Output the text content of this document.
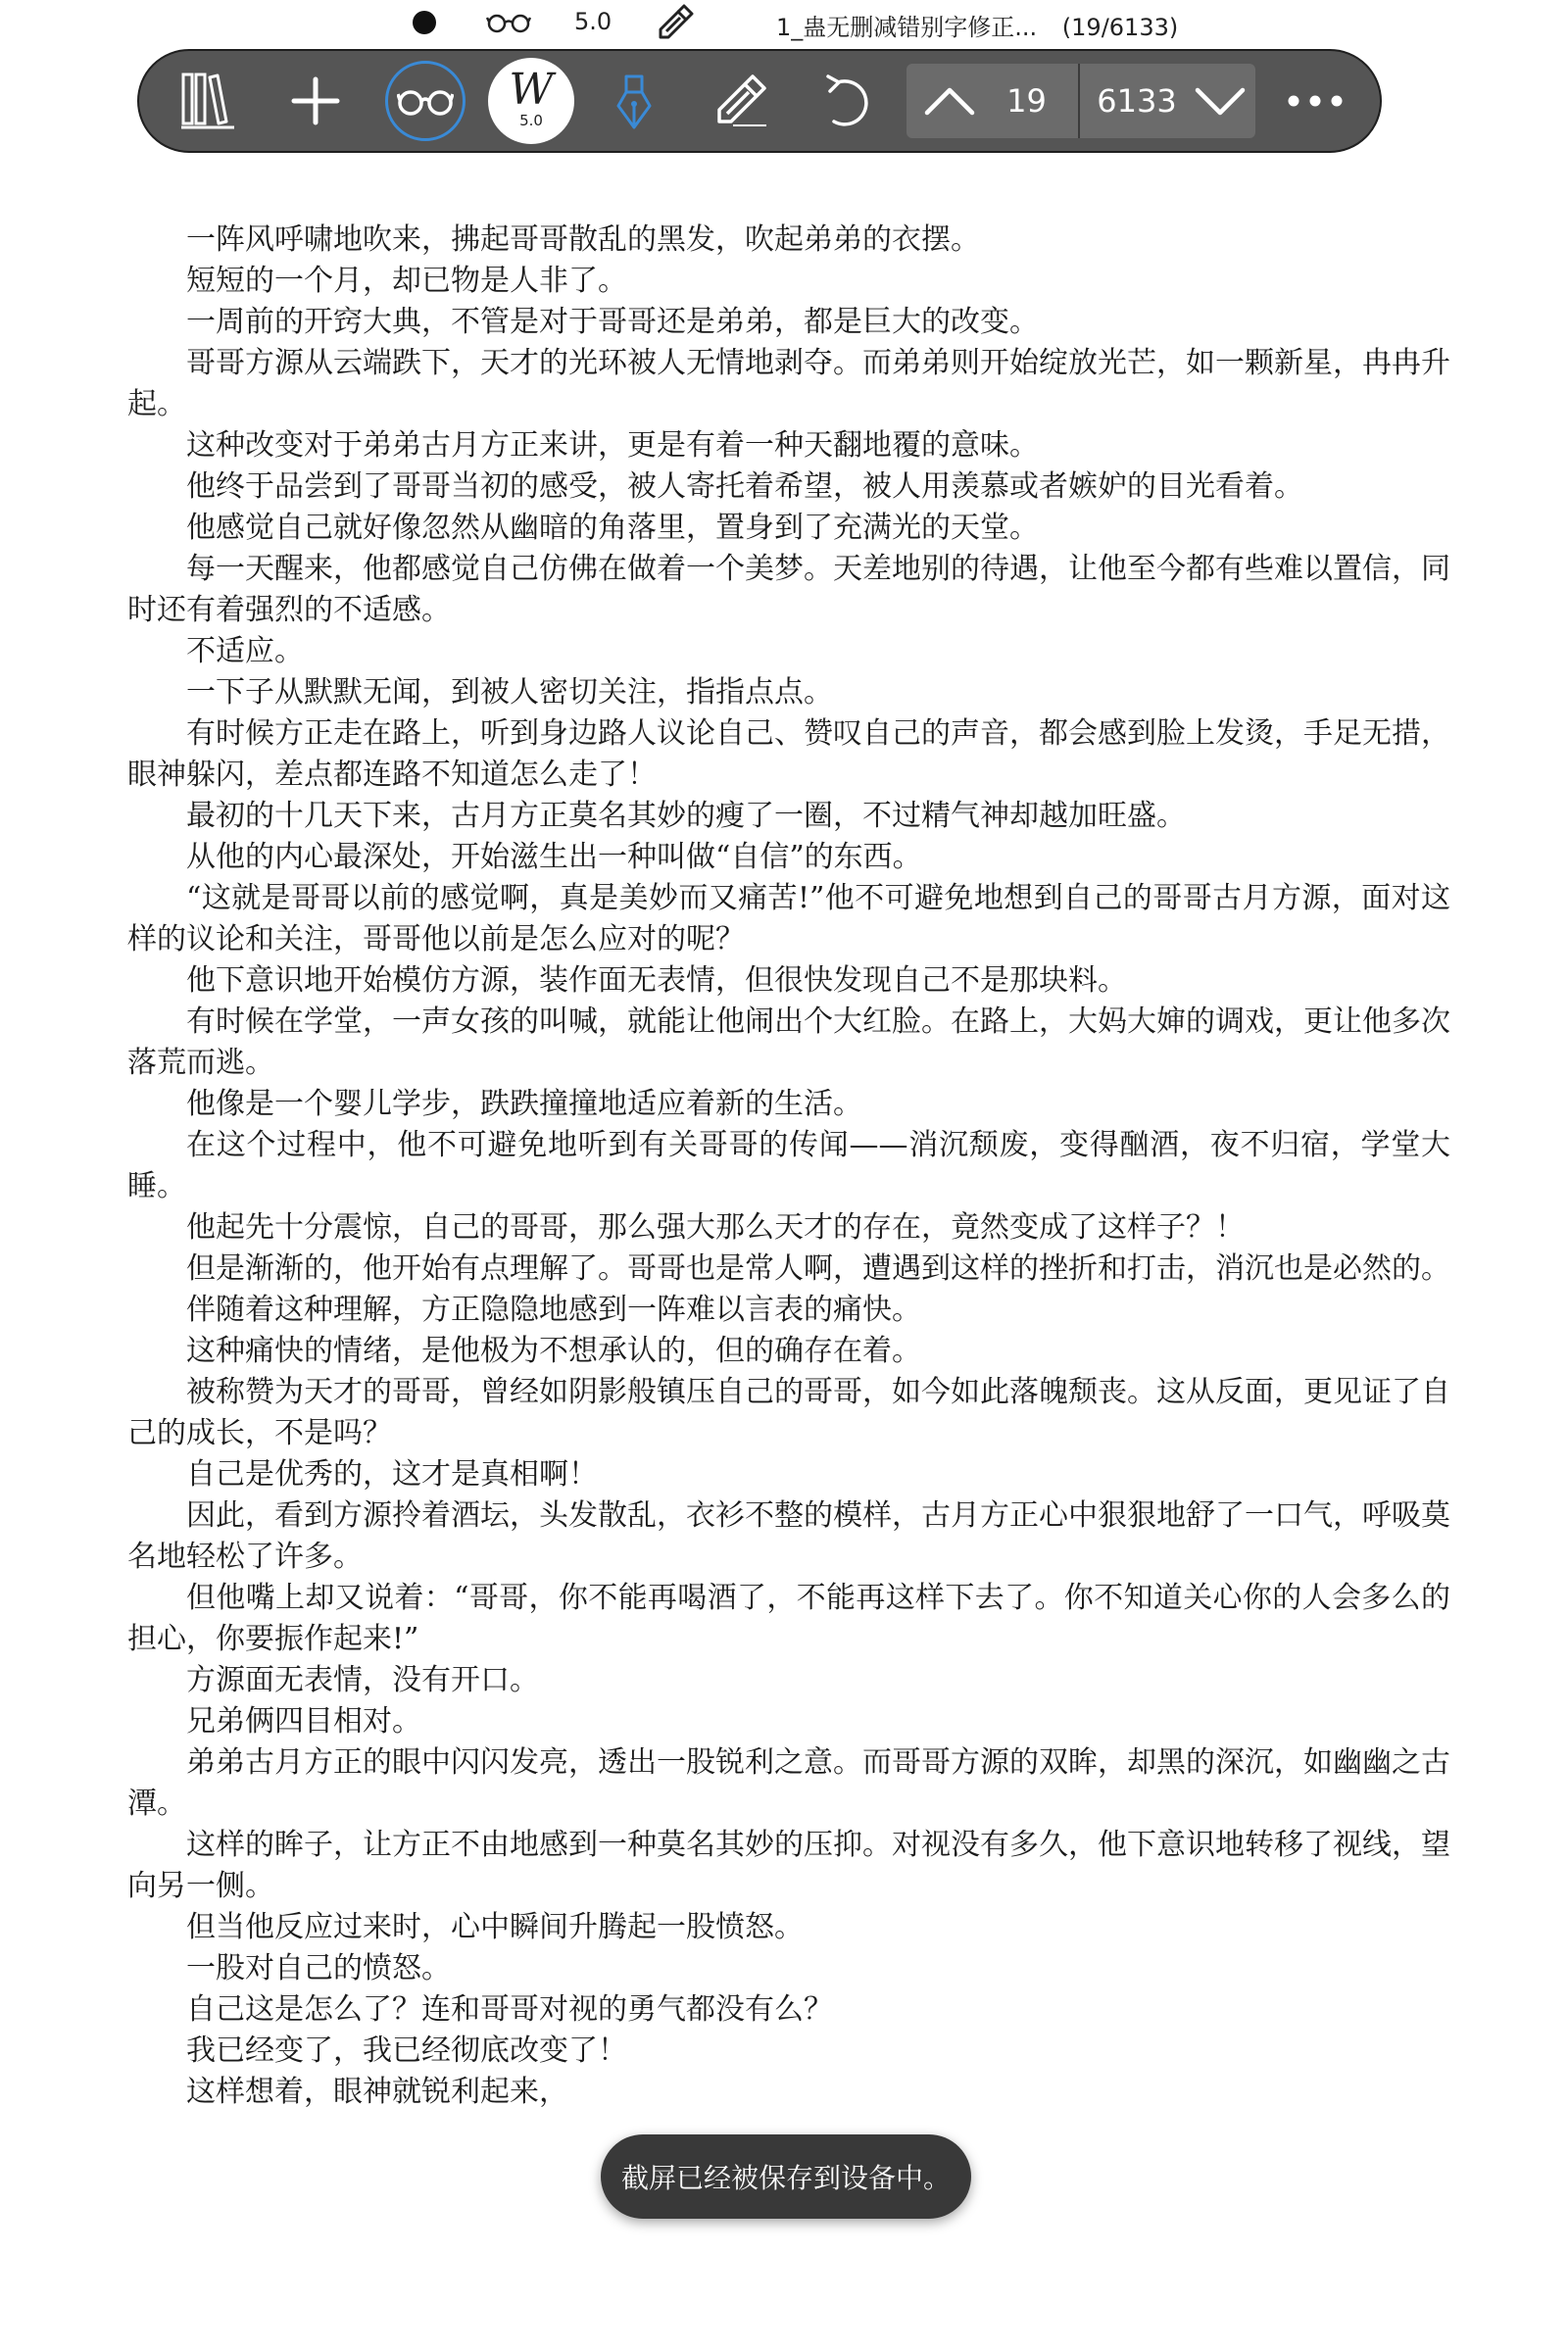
5.0	1_蛊无删减错别字修正... (19/6133)
W
5.0
19	6133

一阵风呼啸地吹来，拂起哥哥散乱的黑发，吹起弟弟的衣摆。

短短的一个月，却已物是人非了。

一周前的开窍大典，不管是对于哥哥还是弟弟，都是巨大的改变。

哥哥方源从云端跌下，天才的光环被人无情地剥夺。而弟弟则开始绽放光芒，如一颗新星，冉冉升起。

这种改变对于弟弟古月方正来讲，更是有着一种天翻地覆的意味。

他终于品尝到了哥哥当初的感受，被人寄托着希望，被人用羡慕或者嫉妒的目光看着。

他感觉自己就好像忽然从幽暗的角落里，置身到了充满光的天堂。

每一天醒来，他都感觉自己仿佛在做着一个美梦。天差地别的待遇，让他至今都有些难以置信，同时还有着强烈的不适感。

不适应。

一下子从默默无闻，到被人密切关注，指指点点。

有时候方正走在路上，听到身边路人议论自己、赞叹自己的声音，都会感到脸上发烫，手足无措，眼神躲闪，差点都连路不知道怎么走了！

最初的十几天下来，古月方正莫名其妙的瘦了一圈，不过精气神却越加旺盛。

从他的内心最深处，开始滋生出一种叫做“自信”的东西。

“这就是哥哥以前的感觉啊，真是美妙而又痛苦!”他不可避免地想到自己的哥哥古月方源，面对这样的议论和关注，哥哥他以前是怎么应对的呢？

他下意识地开始模仿方源，装作面无表情，但很快发现自己不是那块料。

有时候在学堂，一声女孩的叫喊，就能让他闹出个大红脸。在路上，大妈大婶的调戏，更让他多次落荒而逃。

他像是一个婴儿学步，跌跌撞撞地适应着新的生活。

在这个过程中，他不可避免地听到有关哥哥的传闻——消沉颓废，变得酗酒，夜不归宿，学堂大睡。

他起先十分震惊，自己的哥哥，那么强大那么天才的存在，竟然变成了这样子？！

但是渐渐的，他开始有点理解了。哥哥也是常人啊，遭遇到这样的挫折和打击，消沉也是必然的。

伴随着这种理解，方正隐隐地感到一阵难以言表的痛快。

这种痛快的情绪，是他极为不想承认的，但的确存在着。

被称赞为天才的哥哥，曾经如阴影般镇压自己的哥哥，如今如此落魄颓丧。这从反面，更见证了自己的成长，不是吗？

自己是优秀的，这才是真相啊！

因此，看到方源拎着酒坛，头发散乱，衣衫不整的模样，古月方正心中狠狠地舒了一口气，呼吸莫名地轻松了许多。

但他嘴上却又说着：“哥哥，你不能再喝酒了，不能再这样下去了。你不知道关心你的人会多么的担心，你要振作起来!”

方源面无表情，没有开口。

兄弟俩四目相对。

弟弟古月方正的眼中闪闪发亮，透出一股锐利之意。而哥哥方源的双眸，却黑的深沉，如幽幽之古潭。

这样的眸子，让方正不由地感到一种莫名其妙的压抑。对视没有多久，他下意识地转移了视线，望向另一侧。

但当他反应过来时，心中瞬间升腾起一股愤怒。

一股对自己的愤怒。

自己这是怎么了？连和哥哥对视的勇气都没有么？

我已经变了，我已经彻底改变了！

这样想着，眼神就锐利起来，

截屏已经被保存到设备中。
